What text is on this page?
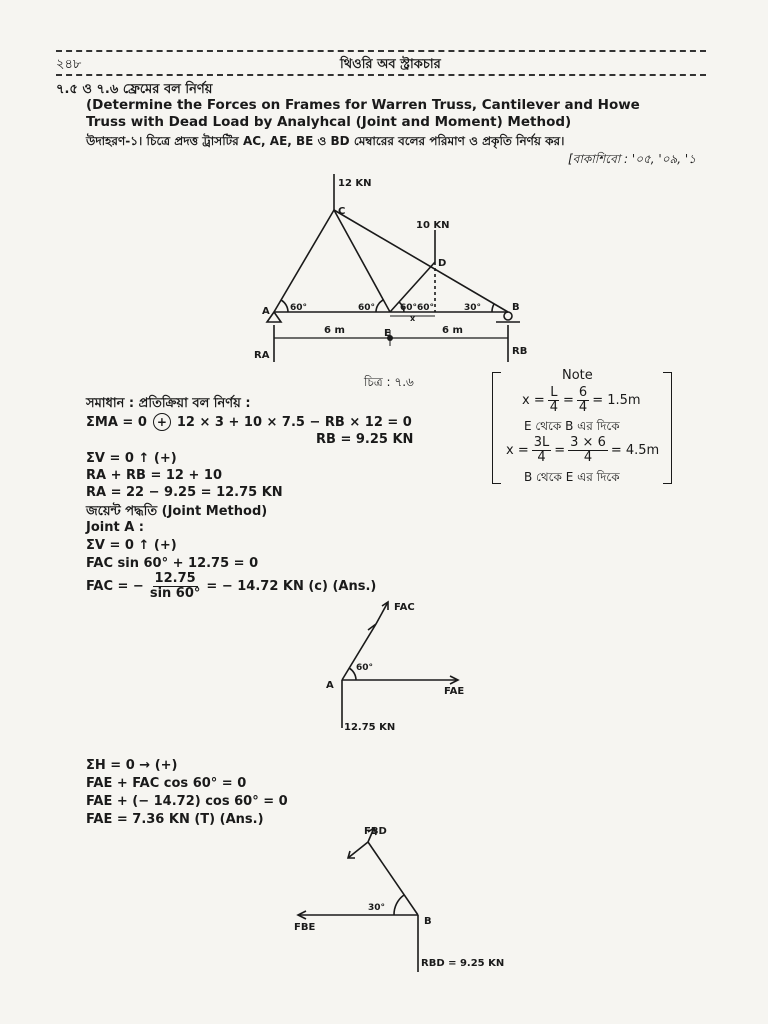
২৪৮	থিওরি অব স্ট্রাকচার
৭.৫ ও ৭.৬ ফ্রেমের বল নির্ণয়
(Determine the Forces on Frames for Warren Truss, Cantilever and Howe
Truss with Dead Load by Analyhcal (Joint and Moment) Method)
উদাহরণ-১। চিত্রে প্রদত্ত ট্রাসটির AC, AE, BE ও BD মেম্বারের বলের পরিমাণ ও প্রকৃতি নির্ণয় কর।
[বাকাশিবো : '০৫, '০৯, '১
12 KN
10 KN
C
D
A	B
E
60°	60°	60° 60°	30°
x
6 m	6 m
RA	RB
চিত্র : ৭.৬	Note
$x = \frac{L}{4} = \frac{6}{4} = 1.5m$
E থেকে B এর দিকে
$x = \frac{3L}{4} = \frac{3 \times 6}{4} = 4.5m$
B থেকে E এর দিকে
সমাধান : প্রতিক্রিয়া বল নির্ণয় :
ΣMA = 0 + 12 × 3 + 10 × 7.5 − RB × 12 = 0
RB = 9.25 KN
ΣV = 0 ↑ (+)
RA + RB = 12 + 10
RA = 22 − 9.25 = 12.75 KN
জয়েন্ট পদ্ধতি (Joint Method)
Joint A :
ΣV = 0 ↑ (+)
FAC sin 60° + 12.75 = 0
FAC = − $\frac{12.75}{\sin 60^\circ}$ = − 14.72 KN (c) (Ans.)
FAC
FAE
A
60°
12.75 KN
ΣH = 0 → (+)
FAE + FAC cos 60° = 0
FAE + (− 14.72) cos 60° = 0
FAE = 7.36 KN (T) (Ans.)
FBD
FBE
B
30°
RBD = 9.25 KN
